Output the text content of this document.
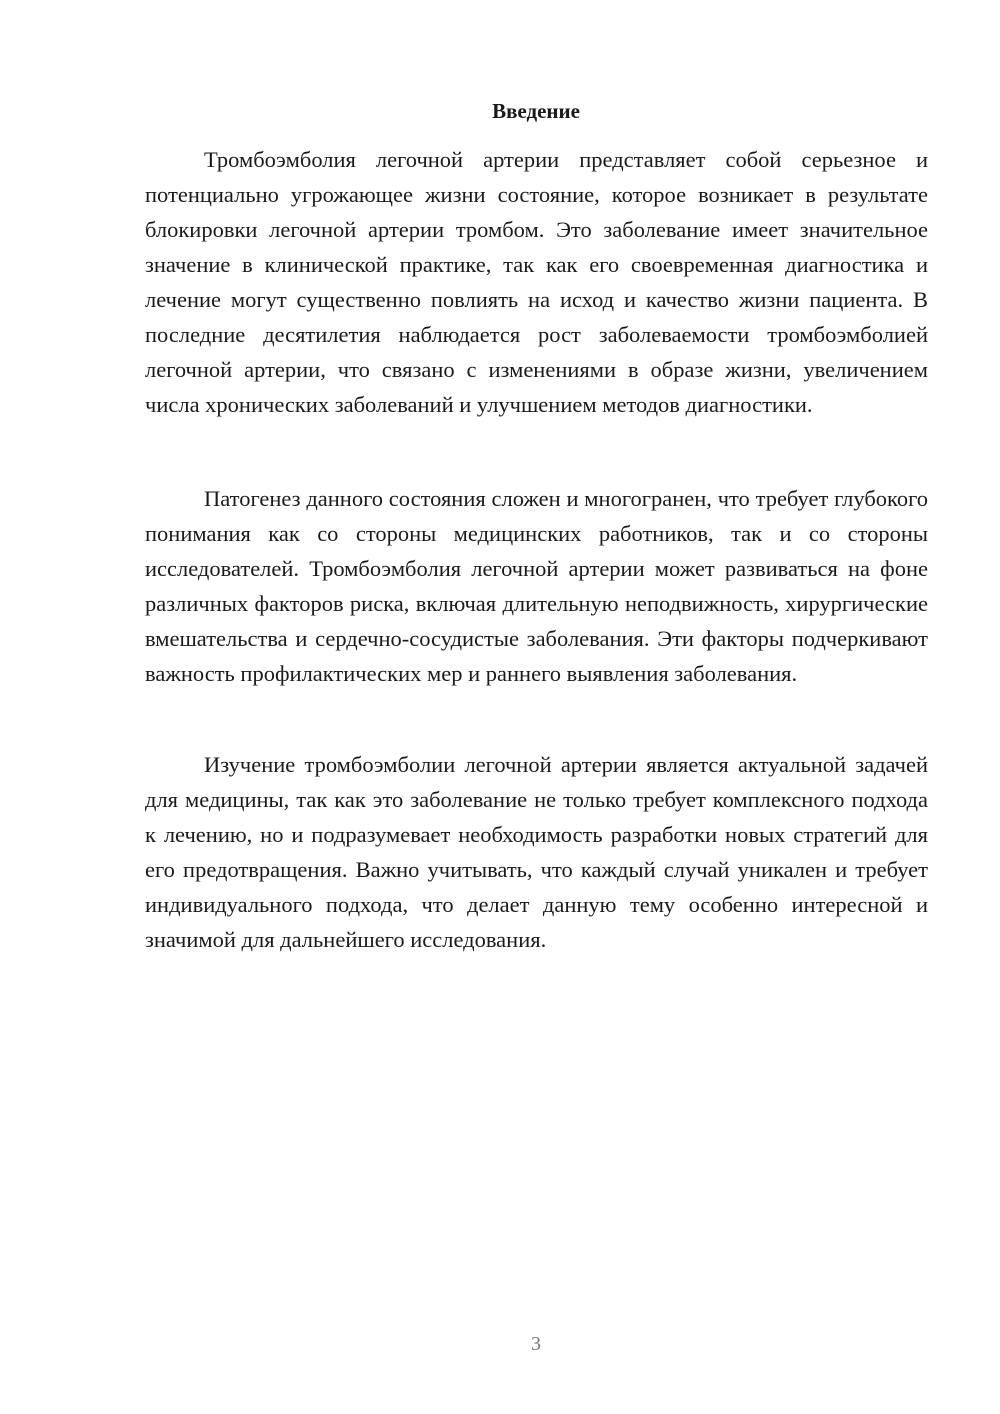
Введение

Тромбоэмболия легочной артерии представляет собой серьезное и потенциально угрожающее жизни состояние, которое возникает в результате блокировки легочной артерии тромбом. Это заболевание имеет значительное значение в клинической практике, так как его своевременная диагностика и лечение могут существенно повлиять на исход и качество жизни пациента. В последние десятилетия наблюдается рост заболеваемости тромбоэмболией легочной артерии, что связано с изменениями в образе жизни, увеличением числа хронических заболеваний и улучшением методов диагностики.

Патогенез данного состояния сложен и многогранен, что требует глубокого понимания как со стороны медицинских работников, так и со стороны исследователей. Тромбоэмболия легочной артерии может развиваться на фоне различных факторов риска, включая длительную неподвижность, хирургические вмешательства и сердечно-сосудистые заболевания. Эти факторы подчеркивают важность профилактических мер и раннего выявления заболевания.

Изучение тромбоэмболии легочной артерии является актуальной задачей для медицины, так как это заболевание не только требует комплексного подхода к лечению, но и подразумевает необходимость разработки новых стратегий для его предотвращения. Важно учитывать, что каждый случай уникален и требует индивидуального подхода, что делает данную тему особенно интересной и значимой для дальнейшего исследования.

3
